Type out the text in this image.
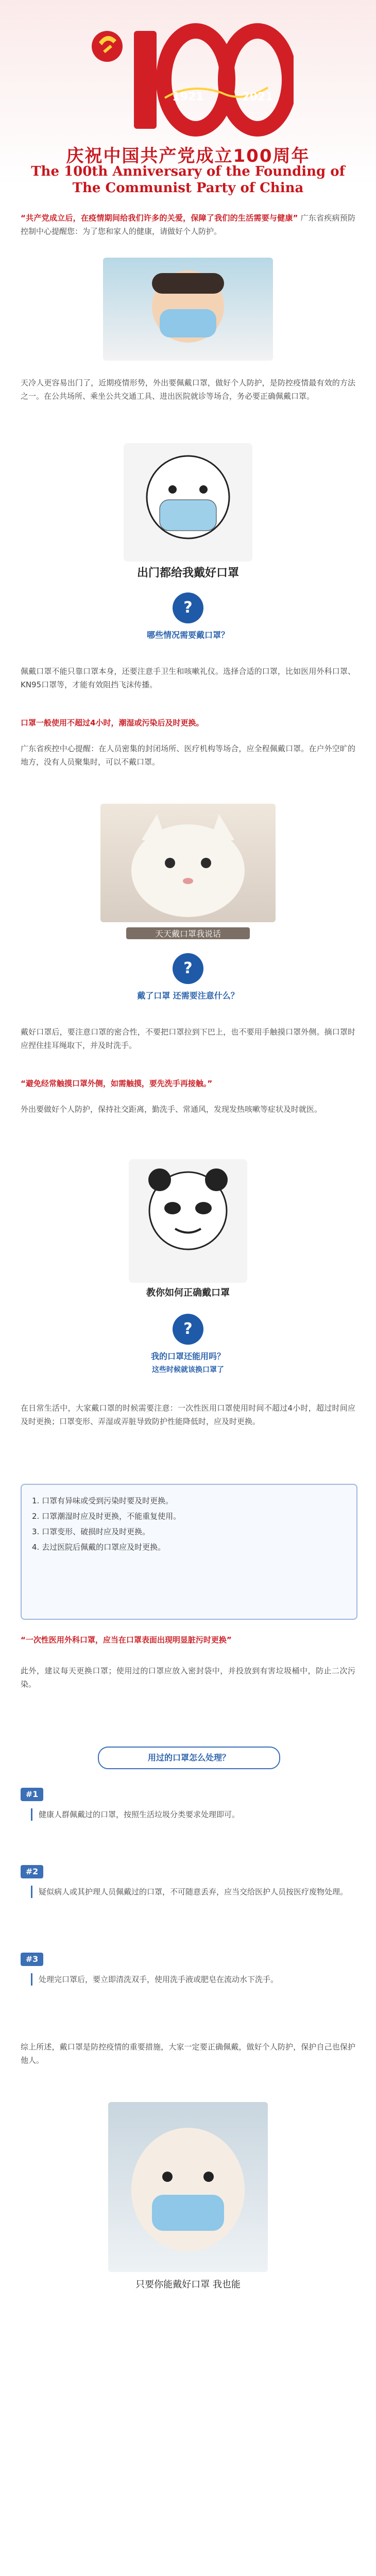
1921	2021
庆祝中国共产党成立100周年
The 100th Anniversary of the Founding of
The Communist Party of China
“共产党成立后，在疫情期间给我们许多的关爱，保障了我们的生活需要与健康” 广东省疾病预防控制中心提醒您：为了您和家人的健康，请做好个人防护。
天冷人更容易出门了，近期疫情形势，外出要佩戴口罩，做好个人防护，是防控疫情最有效的方法之一。在公共场所、乘坐公共交通工具、进出医院就诊等场合，务必要正确佩戴口罩。
出门都给我戴好口罩
?
哪些情况需要戴口罩？
佩戴口罩不能只靠口罩本身，还要注意手卫生和咳嗽礼仪。选择合适的口罩，比如医用外科口罩、KN95口罩等，才能有效阻挡飞沫传播。
口罩一般使用不超过4小时，潮湿或污染后及时更换。
广东省疾控中心提醒：在人员密集的封闭场所、医疗机构等场合，应全程佩戴口罩。在户外空旷的地方，没有人员聚集时，可以不戴口罩。
天天戴口罩我说话
?
戴了口罩 还需要注意什么？
戴好口罩后，要注意口罩的密合性，不要把口罩拉到下巴上，也不要用手触摸口罩外侧。摘口罩时应捏住挂耳绳取下，并及时洗手。
“避免经常触摸口罩外侧，如需触摸，要先洗手再接触。”
外出要做好个人防护，保持社交距离，勤洗手、常通风，发现发热咳嗽等症状及时就医。
教你如何正确戴口罩
?
我的口罩还能用吗？
这些时候就该换口罩了
在日常生活中，大家戴口罩的时候需要注意：一次性医用口罩使用时间不超过4小时，超过时间应及时更换；口罩变形、弄湿或弄脏导致防护性能降低时，应及时更换。
1. 口罩有异味或受到污染时要及时更换。
2. 口罩潮湿时应及时更换，不能重复使用。
3. 口罩变形、破损时应及时更换。
4. 去过医院后佩戴的口罩应及时更换。
“一次性医用外科口罩，应当在口罩表面出现明显脏污时更换”
此外，建议每天更换口罩；使用过的口罩应放入密封袋中，并投放到有害垃圾桶中，防止二次污染。
用过的口罩怎么处理？
#1
健康人群佩戴过的口罩，按照生活垃圾分类要求处理即可。
#2
疑似病人或其护理人员佩戴过的口罩，不可随意丢弃，应当交给医护人员按医疗废物处理。
#3
处理完口罩后，要立即清洗双手，使用洗手液或肥皂在流动水下洗手。
综上所述，戴口罩是防控疫情的重要措施，大家一定要正确佩戴，做好个人防护，保护自己也保护他人。
只要你能戴好口罩 我也能
